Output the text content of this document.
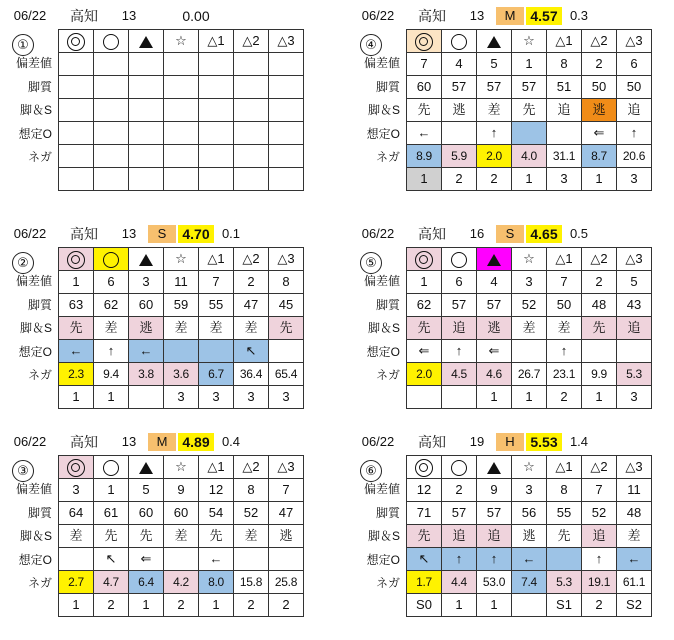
06/22	高知	13	0.00
①
偏差値
脚質
脚＆S
想定O
ネガ
			☆	△1	△2	△3

06/22	高知	13	M	4.57 0.3
④
偏差値
脚質
脚＆S
想定O
ネガ
			☆	△1	△2	△3
7	4	5	1	8	2	6
60	57	57	57	51	50	50
先	逃	差	先	追	逃	追
←		↑			⇐	↑
8.9	5.9	2.0	4.0	31.1	8.7	20.6
1	2	2	1	3	1	3
06/22	高知	13	S	4.70 0.1
②
偏差値
脚質
脚＆S
想定O
ネガ
			☆	△1	△2	△3
1	6	3	11	7	2	8
63	62	60	59	55	47	45
先	差	逃	差	差	差	先
←	↑	←			↖	
2.3	9.4	3.8	3.6	6.7	36.4	65.4
1	1		3	3	3	3
06/22	高知	16	S	4.65 0.5
⑤
偏差値
脚質
脚＆S
想定O
ネガ
			☆	△1	△2	△3
1	6	4	3	7	2	5
62	57	57	52	50	48	43
先	追	逃	差	差	先	追
⇐	↑	⇐		↑		
2.0	4.5	4.6	26.7	23.1	9.9	5.3
		1	1	2	1	3
06/22	高知	13	M	4.89 0.4
③
偏差値
脚質
脚＆S
想定O
ネガ
			☆	△1	△2	△3
3	1	5	9	12	8	7
64	61	60	60	54	52	47
差	先	先	差	先	差	逃
	↖	⇐		←		
2.7	4.7	6.4	4.2	8.0	15.8	25.8
1	2	1	2	1	2	2
06/22	高知	19	H	5.53 1.4
⑥
偏差値
脚質
脚＆S
想定O
ネガ
			☆	△1	△2	△3
12	2	9	3	8	7	11
71	57	57	56	55	52	48
先	追	追	逃	先	追	差
↖	↑	↑	←		↑	←
1.7	4.4	53.0	7.4	5.3	19.1	61.1
S0	1	1		S1	2	S2
